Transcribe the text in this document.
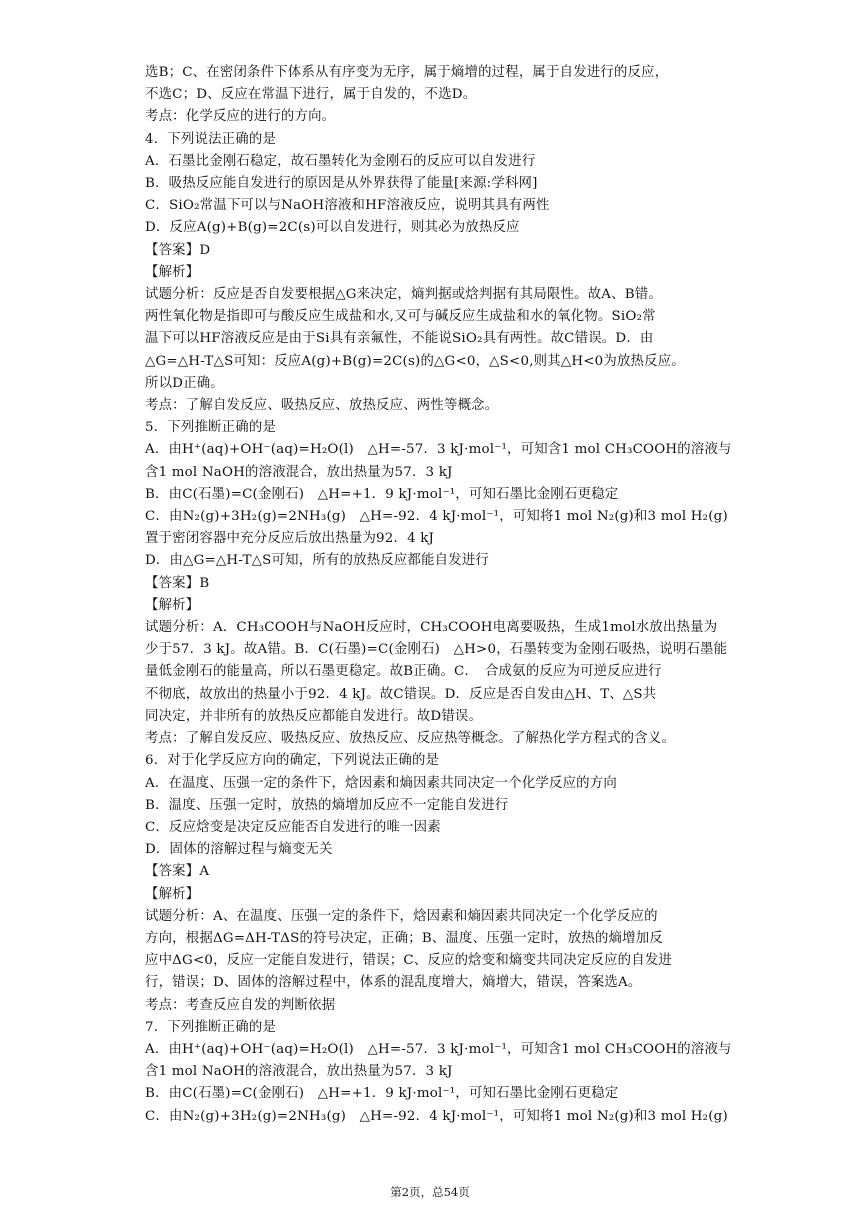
选B；C、在密闭条件下体系从有序变为无序，属于熵增的过程，属于自发进行的反应，
不选C；D、反应在常温下进行，属于自发的，不选D。
考点：化学反应的进行的方向。
4．下列说法正确的是
A．石墨比金刚石稳定，故石墨转化为金刚石的反应可以自发进行
B．吸热反应能自发进行的原因是从外界获得了能量[来源:学科网]
C．SiO₂常温下可以与NaOH溶液和HF溶液反应，说明其具有两性
D．反应A(g)+B(g)=2C(s)可以自发进行，则其必为放热反应
【答案】D
【解析】
试题分析：反应是否自发要根据△G来决定，熵判据或焓判据有其局限性。故A、B错。
两性氧化物是指即可与酸反应生成盐和水,又可与碱反应生成盐和水的氧化物。SiO₂常
温下可以HF溶液反应是由于Si具有亲氟性，不能说SiO₂具有两性。故C错误。D．由
△G=△H-T△S可知：反应A(g)+B(g)=2C(s)的△G<0，△S<0,则其△H<0为放热反应。
所以D正确。
考点：了解自发反应、吸热反应、放热反应、两性等概念。
5．下列推断正确的是
A．由H⁺(aq)+OH⁻(aq)=H₂O(l)　△H=-57．3 kJ·mol⁻¹，可知含1 mol CH₃COOH的溶液与
含1 mol NaOH的溶液混合，放出热量为57．3 kJ
B．由C(石墨)=C(金刚石)　△H=+1．9 kJ·mol⁻¹，可知石墨比金刚石更稳定
C．由N₂(g)+3H₂(g)=2NH₃(g)　△H=-92．4 kJ·mol⁻¹，可知将1 mol N₂(g)和3 mol H₂(g)
置于密闭容器中充分反应后放出热量为92．4 kJ
D．由△G=△H-T△S可知，所有的放热反应都能自发进行
【答案】B
【解析】
试题分析：A．CH₃COOH与NaOH反应时，CH₃COOH电离要吸热，生成1mol水放出热量为
少于57．3 kJ。故A错。B．C(石墨)=C(金刚石)　△H>0，石墨转变为金刚石吸热，说明石墨能
量低金刚石的能量高，所以石墨更稳定。故B正确。C．　合成氨的反应为可逆反应进行
不彻底，故放出的热量小于92．4 kJ。故C错误。D．反应是否自发由△H、T、△S共
同决定，并非所有的放热反应都能自发进行。故D错误。
考点：了解自发反应、吸热反应、放热反应、反应热等概念。了解热化学方程式的含义。
6．对于化学反应方向的确定，下列说法正确的是
A．在温度、压强一定的条件下，焓因素和熵因素共同决定一个化学反应的方向
B．温度、压强一定时，放热的熵增加反应不一定能自发进行
C．反应焓变是决定反应能否自发进行的唯一因素
D．固体的溶解过程与熵变无关
【答案】A
【解析】
试题分析：A、在温度、压强一定的条件下，焓因素和熵因素共同决定一个化学反应的
方向，根据ΔG=ΔH-TΔS的符号决定，正确；B、温度、压强一定时，放热的熵增加反
应中ΔG<0，反应一定能自发进行，错误；C、反应的焓变和熵变共同决定反应的自发进
行，错误；D、固体的溶解过程中，体系的混乱度增大，熵增大，错误，答案选A。
考点：考查反应自发的判断依据
7．下列推断正确的是
A．由H⁺(aq)+OH⁻(aq)=H₂O(l)　△H=-57．3 kJ·mol⁻¹，可知含1 mol CH₃COOH的溶液与
含1 mol NaOH的溶液混合，放出热量为57．3 kJ
B．由C(石墨)=C(金刚石)　△H=+1．9 kJ·mol⁻¹，可知石墨比金刚石更稳定
C．由N₂(g)+3H₂(g)=2NH₃(g)　△H=-92．4 kJ·mol⁻¹，可知将1 mol N₂(g)和3 mol H₂(g)
第2页，总54页
